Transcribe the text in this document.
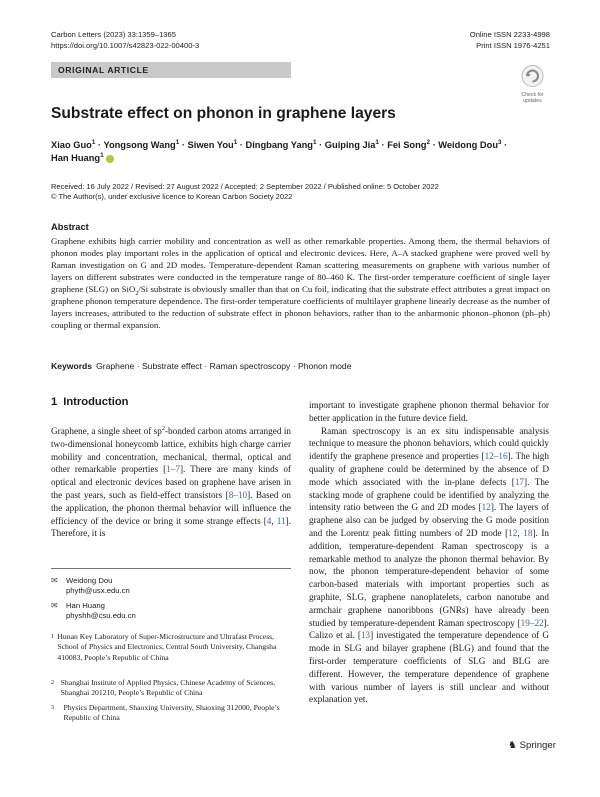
Carbon Letters (2023) 33:1359–1365
https://doi.org/10.1007/s42823-022-00400-3
Online ISSN 2233-4998
Print ISSN 1976-4251
ORIGINAL ARTICLE
Check for
updates
Substrate effect on phonon in graphene layers
Xiao Guo$^1$ · Yongsong Wang$^1$ · Siwen You$^1$ · Dingbang Yang$^1$ · Guiping Jia$^1$ · Fei Song$^2$ · Weidong Dou$^3$ ·
Han Huang$^1$
Received: 16 July 2022 / Revised: 27 August 2022 / Accepted: 2 September 2022 / Published online: 5 October 2022
© The Author(s), under exclusive licence to Korean Carbon Society 2022
Abstract
Graphene exhibits high carrier mobility and concentration as well as other remarkable properties. Among them, the thermal behaviors of phonon modes play important roles in the application of optical and electronic devices. Here, A–A stacked graphene were proved well by Raman investigation on G and 2D modes. Temperature-dependent Raman scattering measurements on graphene with various number of layers on different substrates were conducted in the temperature range of 80–460 K. The first-order temperature coefficient of single layer graphene (SLG) on SiO$_2$/Si substrate is obviously smaller than that on Cu foil, indicating that the substrate effect attributes a great impact on graphene phonon temperature dependence. The first-order temperature coefficients of multilayer graphene linearly decrease as the number of layers increases, attributed to the reduction of substrate effect in phonon behaviors, rather than to the anharmonic phonon–phonon (ph–ph) coupling or thermal expansion.
Keywords Graphene · Substrate effect · Raman spectroscopy · Phonon mode
1 Introduction

Graphene, a single sheet of $sp^2$-bonded carbon atoms arranged in two-dimensional honeycomb lattice, exhibits high charge carrier mobility and concentration, mechanical, thermal, optical and other remarkable properties [1–7]. There are many kinds of optical and electronic devices based on graphene have arisen in the past years, such as field-effect transistors [8–10]. Based on the application, the phonon thermal behavior will influence the efficiency of the device or bring it some strange effects [4, 11]. Therefore, it is

important to investigate graphene phonon thermal behavior for better application in the future device field.

Raman spectroscopy is an ex situ indispensable analysis technique to measure the phonon behaviors, which could quickly identify the graphene presence and properties [12–16]. The high quality of graphene could be determined by the absence of D mode which associated with the in-plane defects [17]. The stacking mode of graphene could be identified by analyzing the intensity ratio between the G and 2D modes [12]. The layers of graphene also can be judged by observing the G mode position and the Lorentz peak fitting numbers of 2D mode [12, 18]. In addition, temperature-dependent Raman spectroscopy is a remarkable method to analyze the phonon thermal behavior. By now, the phonon temperature-dependent behavior of some carbon-based materials with important properties such as graphite, SLG, graphene nanoplatelets, carbon nanotube and armchair graphene nanoribbons (GNRs) have already been studied by temperature-dependent Raman spectroscopy [19–22]. Calizo et al. [13] investigated the temperature dependence of G mode in SLG and bilayer graphene (BLG) and found that the first-order temperature coefficients of SLG and BLG are different. However, the temperature dependence of graphene with various number of layers is still unclear and without explanation yet.

✉	Weidong Dou
phyth@usx.edu.cn
✉	Han Huang
physhh@csu.edu.cn
1 Hunan Key Laboratory of Super-Microstructure and Ultrafast Process, School of Physics and Electronics, Central South University, Changsha 410083, People’s Republic of China
2 Shanghai Institute of Applied Physics, Chinese Academy of Sciences, Shanghai 201210, People’s Republic of China
3	Physics Department, Shaoxing University, Shaoxing 312000, People’s Republic of China
♞ Springer
